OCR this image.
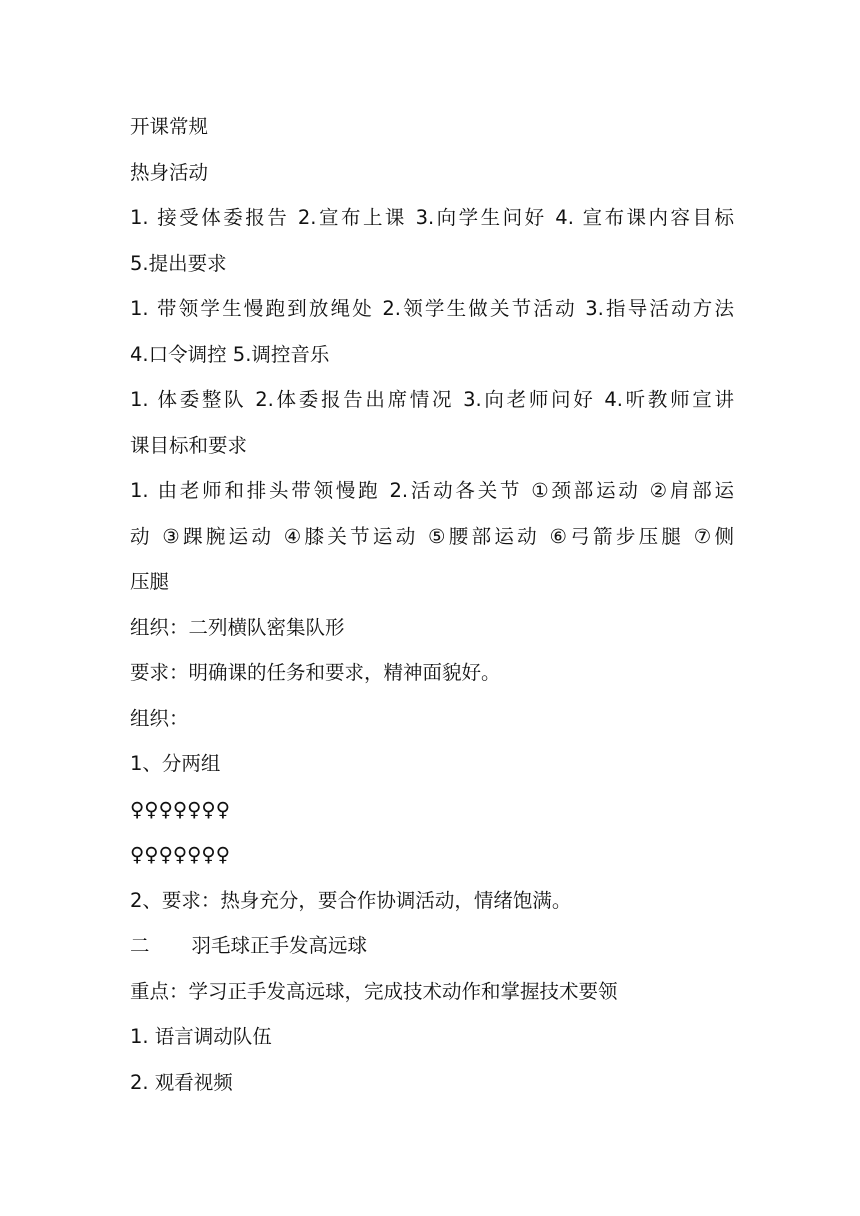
开课常规
热身活动
1. 接受体委报告 2.宣布上课 3.向学生问好 4. 宣布课内容目标
5.提出要求
1. 带领学生慢跑到放绳处 2.领学生做关节活动 3.指导活动方法
4.口令调控 5.调控音乐
1. 体委整队 2.体委报告出席情况 3.向老师问好 4.听教师宣讲
课目标和要求
1. 由老师和排头带领慢跑 2.活动各关节 ①颈部运动 ②肩部运
动 ③踝腕运动 ④膝关节运动 ⑤腰部运动 ⑥弓箭步压腿 ⑦侧
压腿
组织：二列横队密集队形
要求：明确课的任务和要求，精神面貌好。
组织：
1、分两组
♀♀♀♀♀♀♀
♀♀♀♀♀♀♀
2、要求：热身充分，要合作协调活动，情绪饱满。
二 羽毛球正手发高远球
重点：学习正手发高远球，完成技术动作和掌握技术要领
1. 语言调动队伍
2. 观看视频
